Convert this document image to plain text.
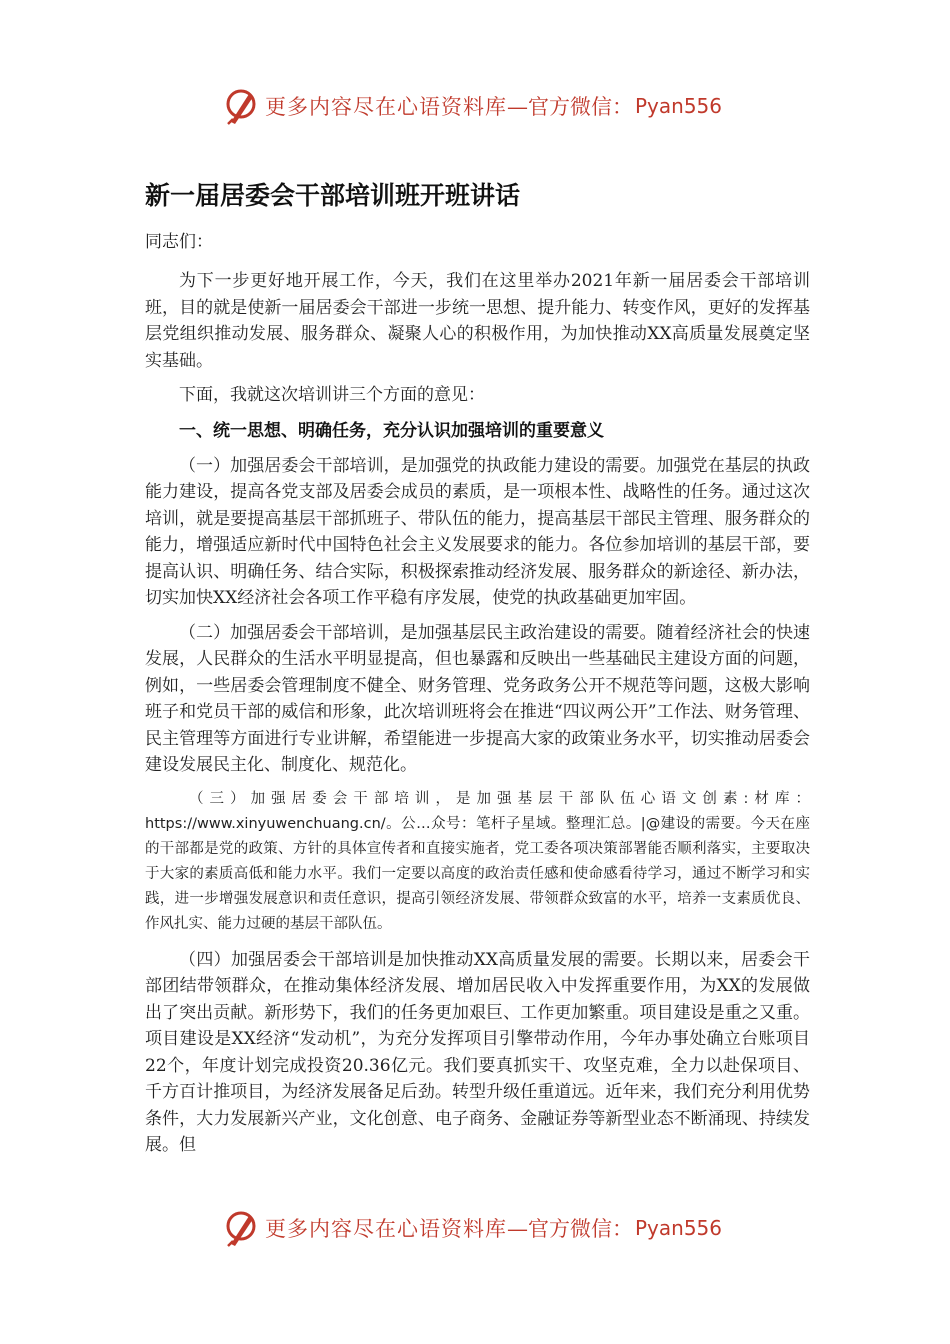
更多内容尽在心语资料库 —官方微信： Pyan556
新一届居委会干部培训班开班讲话

同志们：

为下一步更好地开展工作，今天，我们在这里举办2021年新一届居委会干部培训班，目的就是使新一届居委会干部进一步统一思想、提升能力、转变作风，更好的发挥基层党组织推动发展、服务群众、凝聚人心的积极作用，为加快推动XX高质量发展奠定坚实基础。

下面，我就这次培训讲三个方面的意见：

一、统一思想、明确任务，充分认识加强培训的重要意义

（一）加强居委会干部培训，是加强党的执政能力建设的需要。加强党在基层的执政能力建设，提高各党支部及居委会成员的素质，是一项根本性、战略性的任务。通过这次培训，就是要提高基层干部抓班子、带队伍的能力，提高基层干部民主管理、服务群众的能力，增强适应新时代中国特色社会主义发展要求的能力。各位参加培训的基层干部，要提高认识、明确任务、结合实际，积极探索推动经济发展、服务群众的新途径、新办法，切实加快XX经济社会各项工作平稳有序发展，使党的执政基础更加牢固。

（二）加强居委会干部培训，是加强基层民主政治建设的需要。随着经济社会的快速发展，人民群众的生活水平明显提高，但也暴露和反映出一些基础民主建设方面的问题，例如，一些居委会管理制度不健全、财务管理、党务政务公开不规范等问题，这极大影响班子和党员干部的威信和形象，此次培训班将会在推进“四议两公开”工作法、财务管理、民主管理等方面进行专业讲解，希望能进一步提高大家的政策业务水平，切实推动居委会建设发展民主化、制度化、规范化。

（三）加强居委会干部培训，是加强基层干部队伍心语文创素:材库：https://www.xinyuwenchuang.cn/。公…众号：笔杆子星域。整理汇总。|@建设的需要。今天在座的干部都是党的政策、方针的具体宣传者和直接实施者，党工委各项决策部署能否顺利落实，主要取决于大家的素质高低和能力水平。我们一定要以高度的政治责任感和使命感看待学习，通过不断学习和实践，进一步增强发展意识和责任意识，提高引领经济发展、带领群众致富的水平，培养一支素质优良、作风扎实、能力过硬的基层干部队伍。

（四）加强居委会干部培训是加快推动XX高质量发展的需要。长期以来，居委会干部团结带领群众，在推动集体经济发展、增加居民收入中发挥重要作用，为XX的发展做出了突出贡献。新形势下，我们的任务更加艰巨、工作更加繁重。项目建设是重之又重。项目建设是XX经济“发动机”，为充分发挥项目引擎带动作用，今年办事处确立台账项目22个，年度计划完成投资20.36亿元。我们要真抓实干、攻坚克难，全力以赴保项目、千方百计推项目，为经济发展备足后劲。转型升级任重道远。近年来，我们充分利用优势条件，大力发展新兴产业，文化创意、电子商务、金融证券等新型业态不断涌现、持续发展。但

更多内容尽在心语资料库 —官方微信： Pyan556
